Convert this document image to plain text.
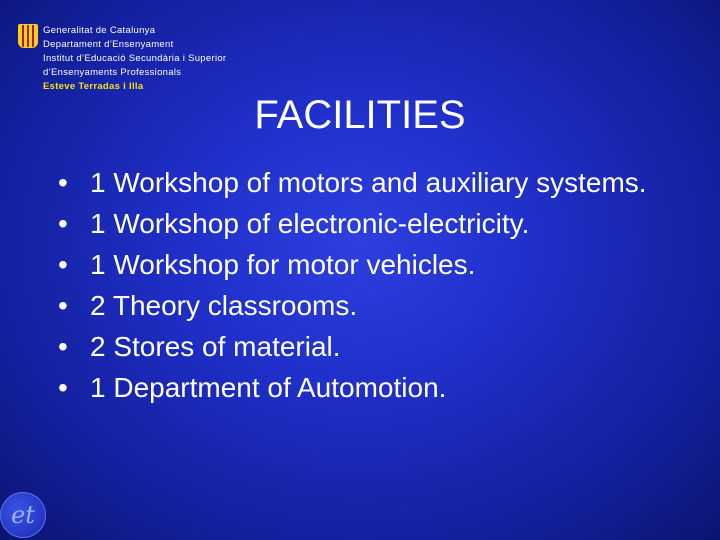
Generalitat de Catalunya
Departament d’Ensenyament
Institut d’Educació Secundària i Superior
d’Ensenyaments Professionals
Esteve Terradas i Illa
FACILITIES
• 1 Workshop of motors and auxiliary systems.
• 1 Workshop of electronic-electricity.
• 1 Workshop for motor vehicles.
• 2 Theory classrooms.
• 2 Stores of material.
• 1 Department of Automotion.
et
